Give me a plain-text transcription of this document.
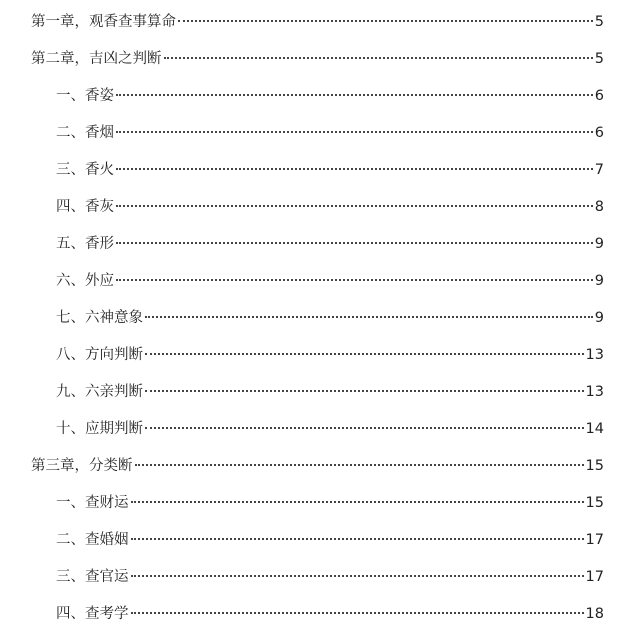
第一章，观香查事算命	5
第二章，吉凶之判断	5
一、香姿	6
二、香烟	6
三、香火	7
四、香灰	8
五、香形	9
六、外应	9
七、六神意象	9
八、方向判断	13
九、六亲判断	13
十、应期判断	14
第三章，分类断	15
一、查财运	15
二、查婚姻	17
三、查官运	17
四、查考学	18
